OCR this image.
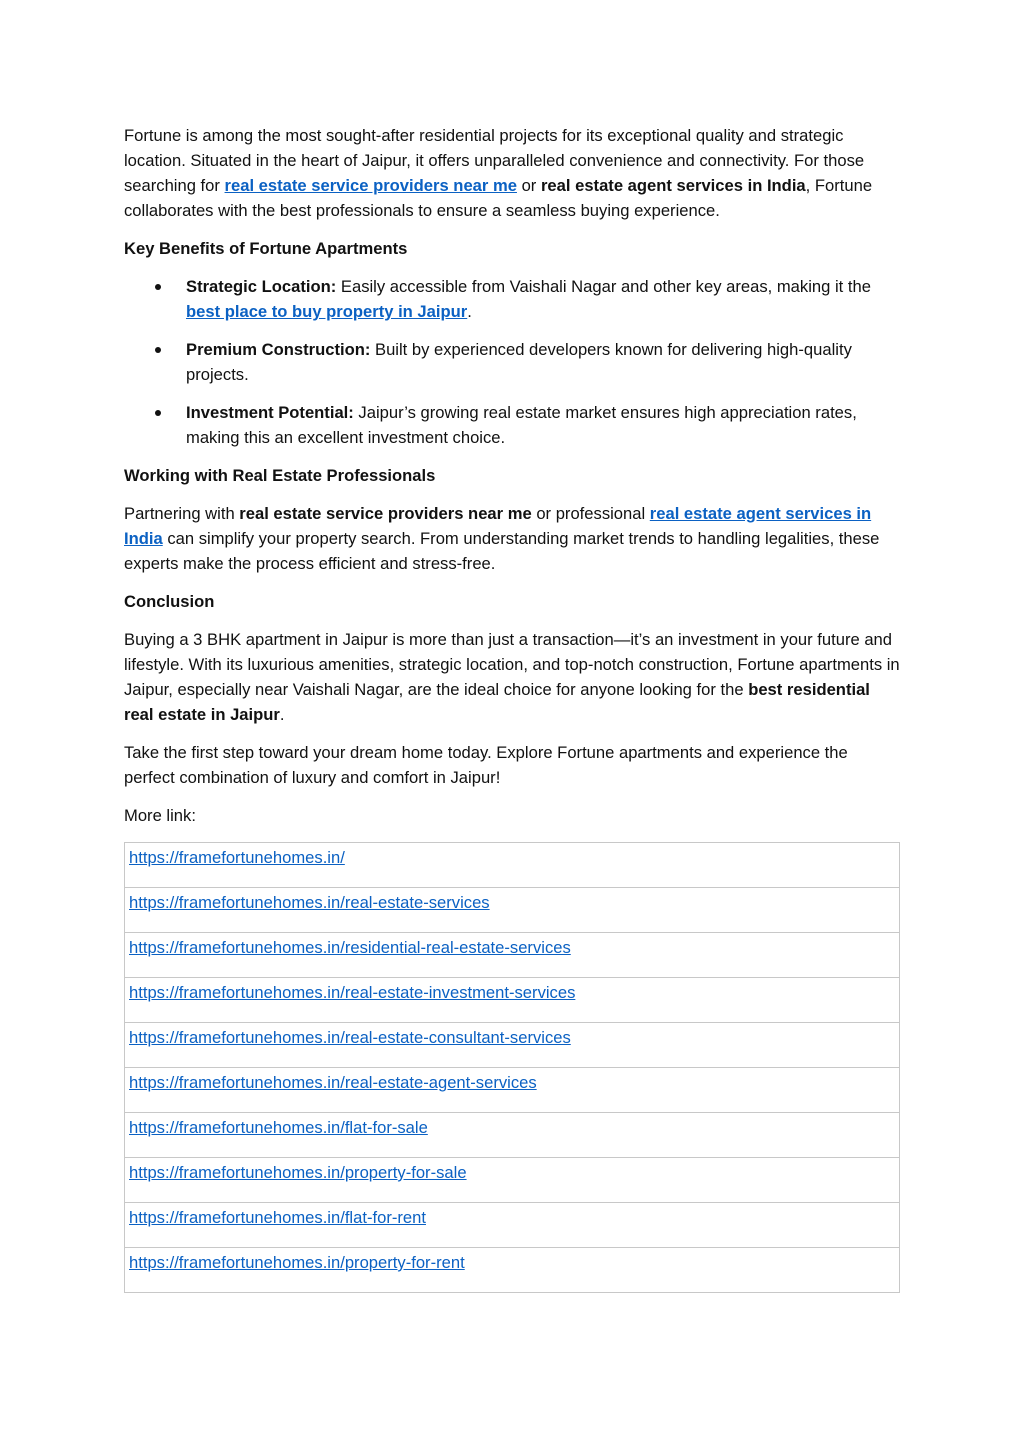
Fortune is among the most sought-after residential projects for its exceptional quality and strategic location. Situated in the heart of Jaipur, it offers unparalleled convenience and connectivity. For those searching for real estate service providers near me or real estate agent services in India, Fortune collaborates with the best professionals to ensure a seamless buying experience.

Key Benefits of Fortune Apartments

Strategic Location: Easily accessible from Vaishali Nagar and other key areas, making it the best place to buy property in Jaipur.
Premium Construction: Built by experienced developers known for delivering high-quality projects.
Investment Potential: Jaipur’s growing real estate market ensures high appreciation rates, making this an excellent investment choice.

Working with Real Estate Professionals

Partnering with real estate service providers near me or professional real estate agent services in India can simplify your property search. From understanding market trends to handling legalities, these experts make the process efficient and stress-free.

Conclusion

Buying a 3 BHK apartment in Jaipur is more than just a transaction—it’s an investment in your future and lifestyle. With its luxurious amenities, strategic location, and top-notch construction, Fortune apartments in Jaipur, especially near Vaishali Nagar, are the ideal choice for anyone looking for the best residential real estate in Jaipur.

Take the first step toward your dream home today. Explore Fortune apartments and experience the perfect combination of luxury and comfort in Jaipur!

More link:

https://framefortunehomes.in/
https://framefortunehomes.in/real-estate-services
https://framefortunehomes.in/residential-real-estate-services
https://framefortunehomes.in/real-estate-investment-services
https://framefortunehomes.in/real-estate-consultant-services
https://framefortunehomes.in/real-estate-agent-services
https://framefortunehomes.in/flat-for-sale
https://framefortunehomes.in/property-for-sale
https://framefortunehomes.in/flat-for-rent
https://framefortunehomes.in/property-for-rent
